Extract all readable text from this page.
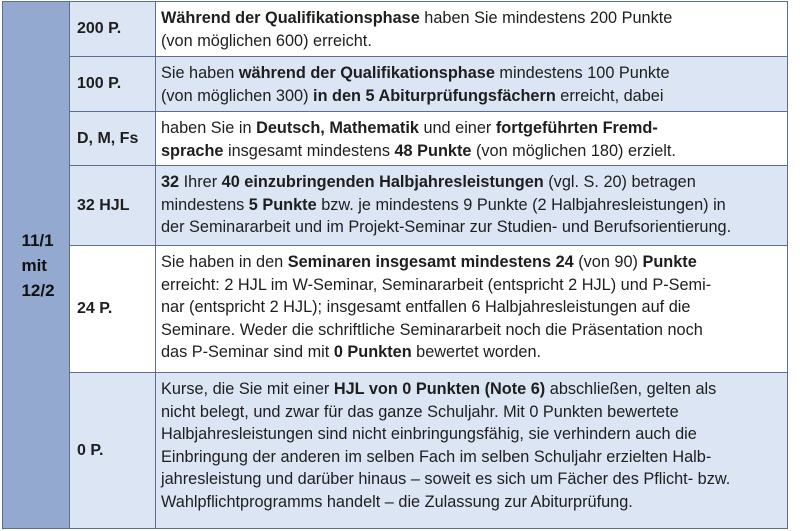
11/1
mit
12/2
200 P.
Während der Qualifikationsphase haben Sie mindestens 200 Punkte
(von möglichen 600) erreicht.
100 P.
Sie haben während der Qualifikationsphase mindestens 100 Punkte
(von möglichen 300) in den 5 Abiturprüfungsfächern erreicht, dabei
D, M, Fs
haben Sie in Deutsch, Mathematik und einer fortgeführten Fremd-
sprache insgesamt mindestens 48 Punkte (von möglichen 180) erzielt.
32 HJL
32 Ihrer 40 einzubringenden Halbjahresleistungen (vgl. S. 20) betragen
mindestens 5 Punkte bzw. je mindestens 9 Punkte (2 Halbjahresleistungen) in
der Seminararbeit und im Projekt-Seminar zur Studien- und Berufsorientierung.
24 P.
Sie haben in den Seminaren insgesamt mindestens 24 (von 90) Punkte
erreicht: 2 HJL im W-Seminar, Seminararbeit (entspricht 2 HJL) und P-Semi-
nar (entspricht 2 HJL); insgesamt entfallen 6 Halbjahresleistungen auf die
Seminare. Weder die schriftliche Seminararbeit noch die Präsentation noch
das P-Seminar sind mit 0 Punkten bewertet worden.
0 P.
Kurse, die Sie mit einer HJL von 0 Punkten (Note 6) abschließen, gelten als
nicht belegt, und zwar für das ganze Schuljahr. Mit 0 Punkten bewertete
Halbjahresleistungen sind nicht einbringungsfähig, sie verhindern auch die
Einbringung der anderen im selben Fach im selben Schuljahr erzielten Halb-
jahresleistung und darüber hinaus – soweit es sich um Fächer des Pflicht- bzw.
Wahlpflichtprogramms handelt – die Zulassung zur Abiturprüfung.
